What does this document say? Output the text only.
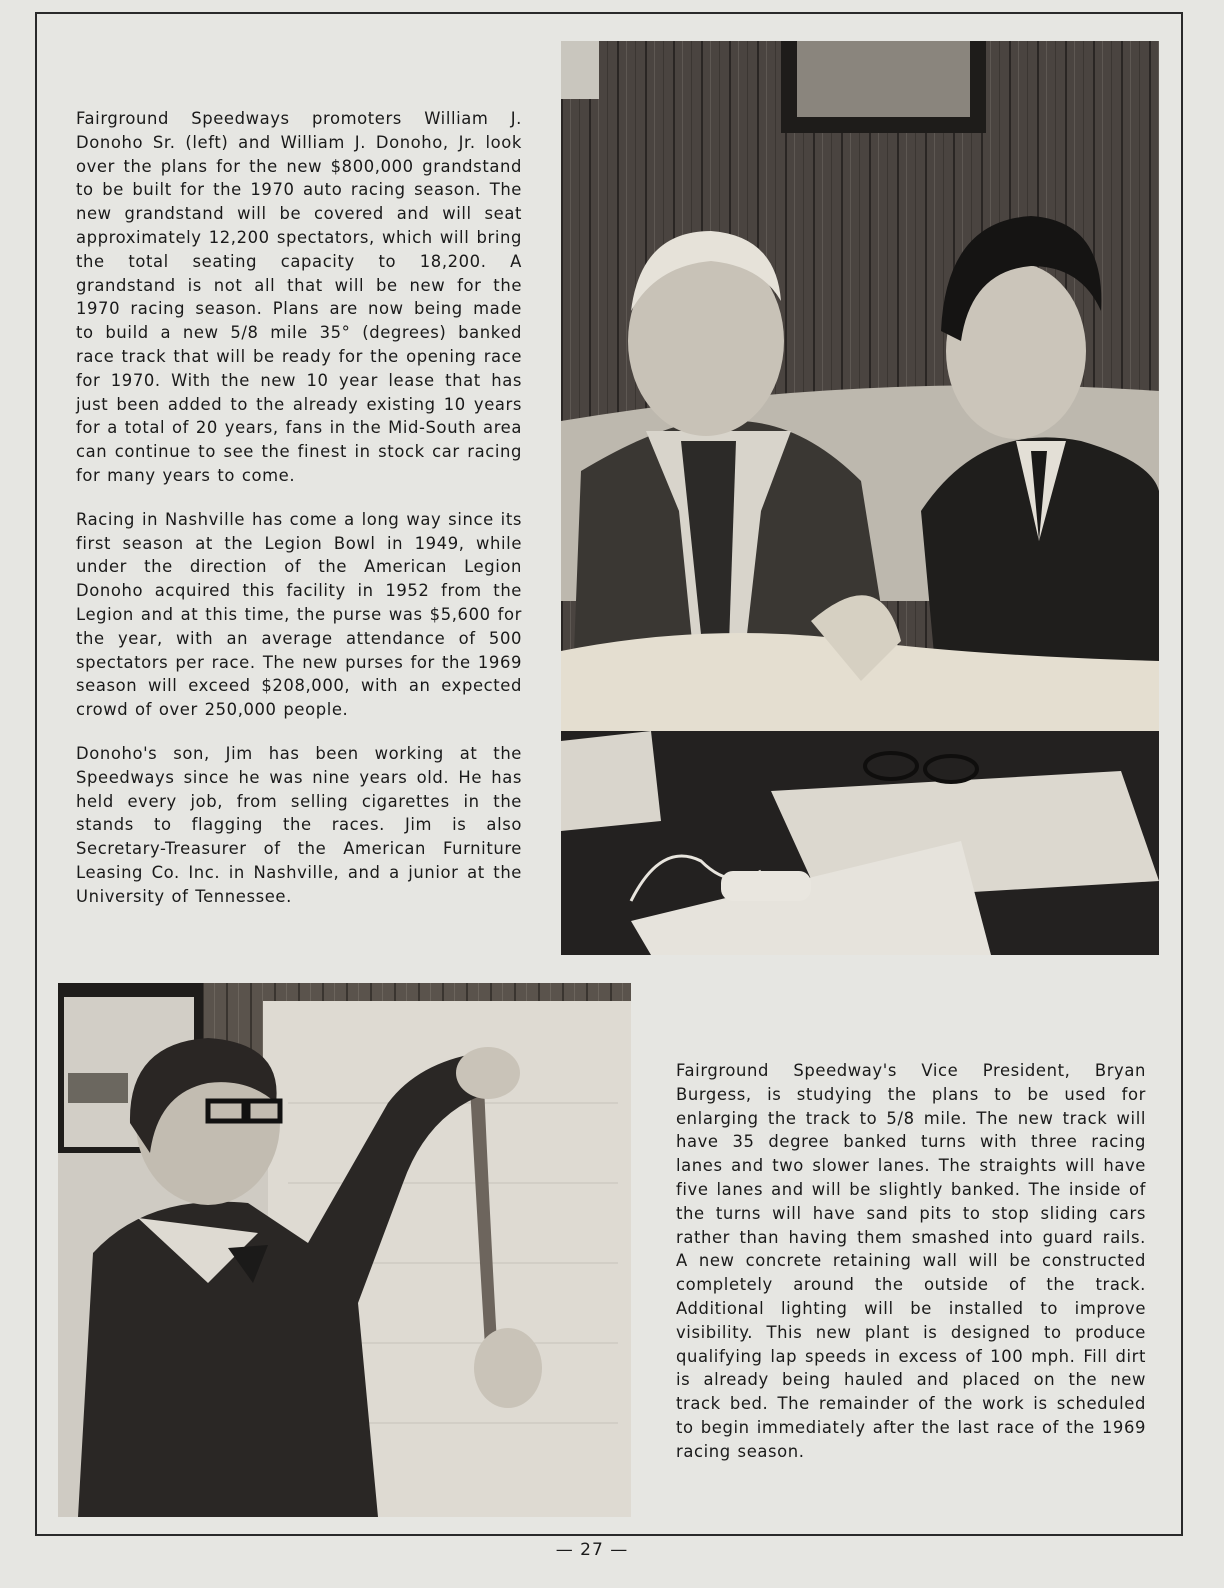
Fairground Speedways promoters William J. Donoho Sr. (left) and William J. Donoho, Jr. look over the plans for the new $800,000 grandstand to be built for the 1970 auto racing season. The new grandstand will be covered and will seat approximately 12,200 spectators, which will bring the total seating capacity to 18,200. A grandstand is not all that will be new for the 1970 racing season. Plans are now being made to build a new 5/8 mile 35° (degrees) banked race track that will be ready for the opening race for 1970. With the new 10 year lease that has just been added to the already existing 10 years for a total of 20 years, fans in the Mid-South area can continue to see the finest in stock car racing for many years to come.

Racing in Nashville has come a long way since its first season at the Legion Bowl in 1949, while under the direction of the American Legion Donoho acquired this facility in 1952 from the Legion and at this time, the purse was $5,600 for the year, with an average attendance of 500 spectators per race. The new purses for the 1969 season will exceed $208,000, with an expected crowd of over 250,000 people.

Donoho's son, Jim has been working at the Speedways since he was nine years old. He has held every job, from selling cigarettes in the stands to flagging the races. Jim is also Secretary-Treasurer of the American Furniture Leasing Co. Inc. in Nashville, and a junior at the University of Tennessee.

Fairground Speedway's Vice President, Bryan Burgess, is studying the plans to be used for enlarging the track to 5/8 mile. The new track will have 35 degree banked turns with three racing lanes and two slower lanes. The straights will have five lanes and will be slightly banked. The inside of the turns will have sand pits to stop sliding cars rather than having them smashed into guard rails. A new concrete retaining wall will be constructed completely around the outside of the track. Additional lighting will be installed to improve visibility. This new plant is designed to produce qualifying lap speeds in excess of 100 mph. Fill dirt is already being hauled and placed on the new track bed. The remainder of the work is scheduled to begin immediately after the last race of the 1969 racing season.

— 27 —
